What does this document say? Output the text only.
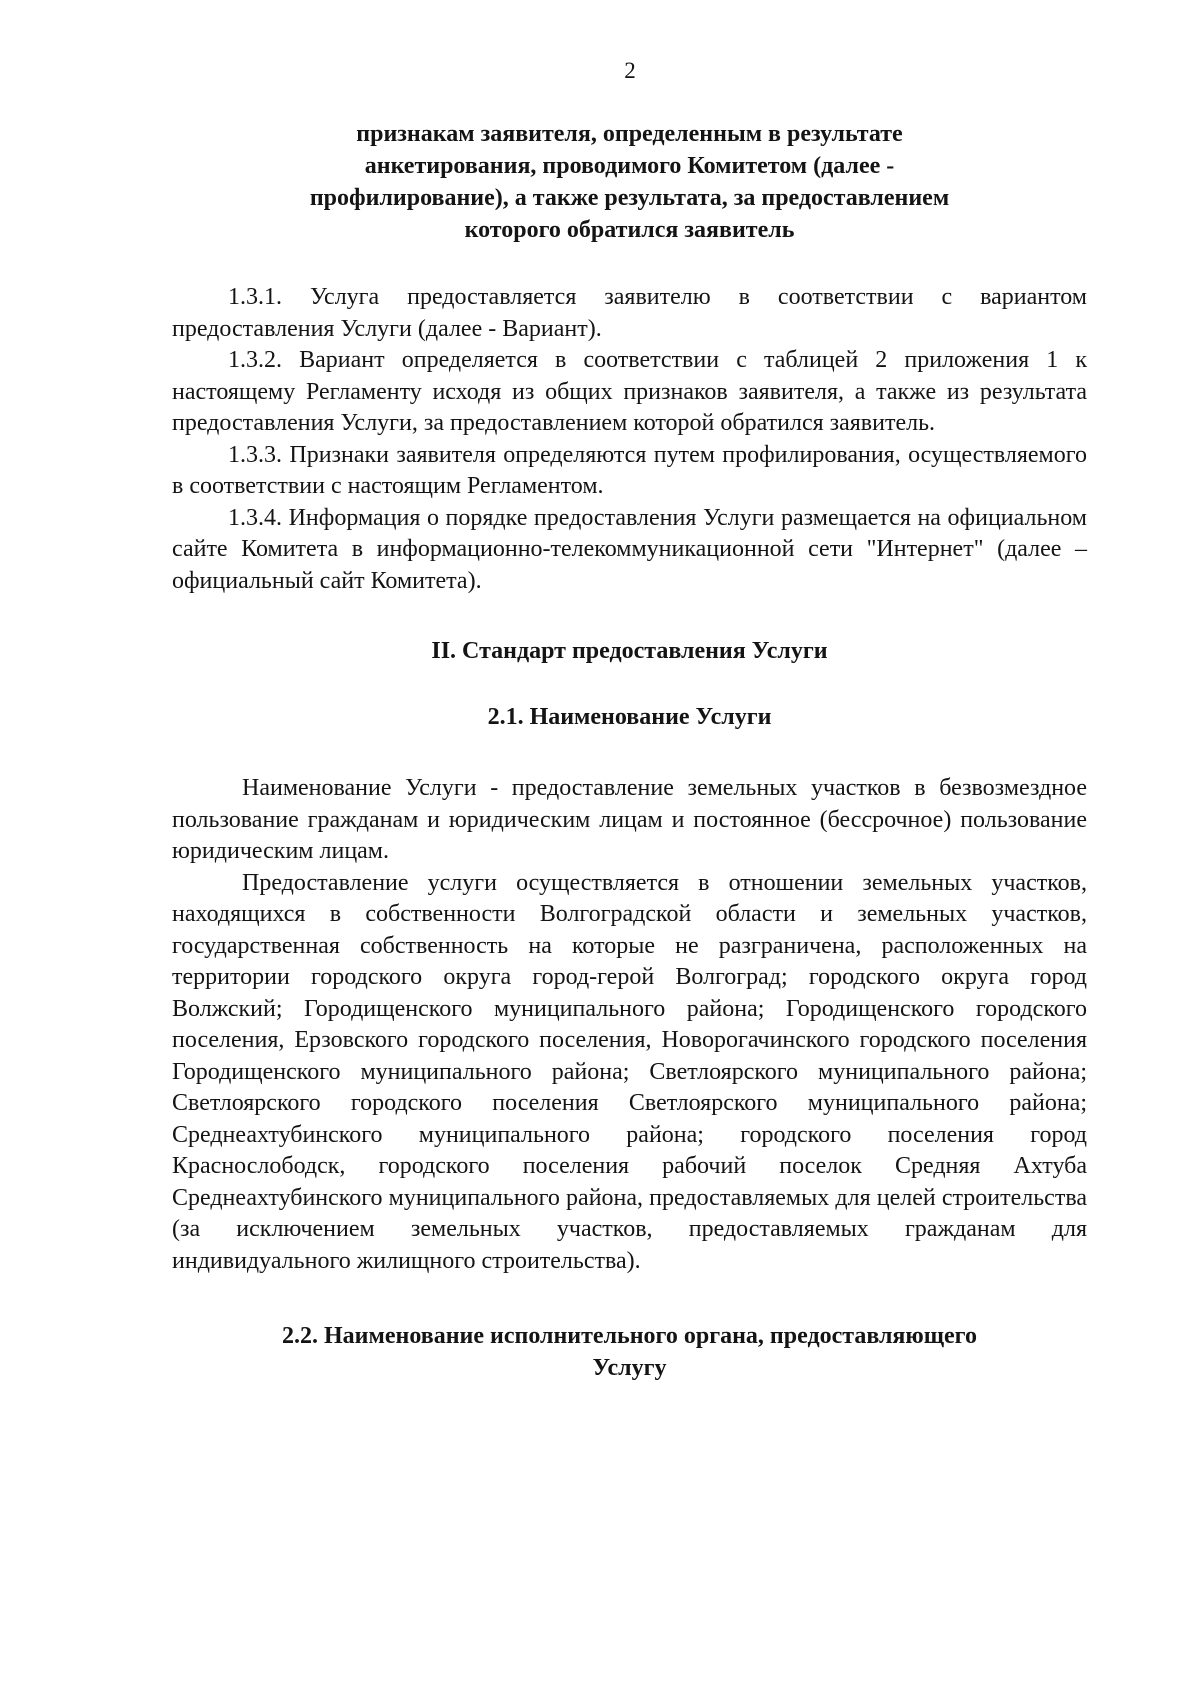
2
признакам заявителя, определенным в результате
анкетирования, проводимого Комитетом (далее -
профилирование), а также результата, за предоставлением
которого обратился заявитель

1.3.1. Услуга предоставляется заявителю в соответствии с вариантом предоставления Услуги (далее - Вариант).

1.3.2. Вариант определяется в соответствии с таблицей 2 приложения 1 к настоящему Регламенту исходя из общих признаков заявителя, а также из результата предоставления Услуги, за предоставлением которой обратился заявитель.

1.3.3. Признаки заявителя определяются путем профилирования, осуществляемого в соответствии с настоящим Регламентом.

1.3.4. Информация о порядке предоставления Услуги размещается на официальном сайте Комитета в информационно-телекоммуникационной сети "Интернет" (далее – официальный сайт Комитета).

II. Стандарт предоставления Услуги
2.1. Наименование Услуги

Наименование Услуги - предоставление земельных участков в безвозмездное пользование гражданам и юридическим лицам и постоянное (бессрочное) пользование юридическим лицам.

Предоставление услуги осуществляется в отношении земельных участков, находящихся в собственности Волгоградской области и земельных участков, государственная собственность на которые не разграничена, расположенных на территории городского округа город-герой Волгоград; городского округа город Волжский; Городищенского муниципального района; Городищенского городского поселения, Ерзовского городского поселения, Новорогачинского городского поселения Городищенского муниципального района; Светлоярского муниципального района; Светлоярского городского поселения Светлоярского муниципального района; Среднеахтубинского муниципального района; городского поселения город Краснослободск, городского поселения рабочий поселок Средняя Ахтуба Среднеахтубинского муниципального района, предоставляемых для целей строительства (за исключением земельных участков, предоставляемых гражданам для индивидуального жилищного строительства).

2.2. Наименование исполнительного органа, предоставляющего
Услугу
